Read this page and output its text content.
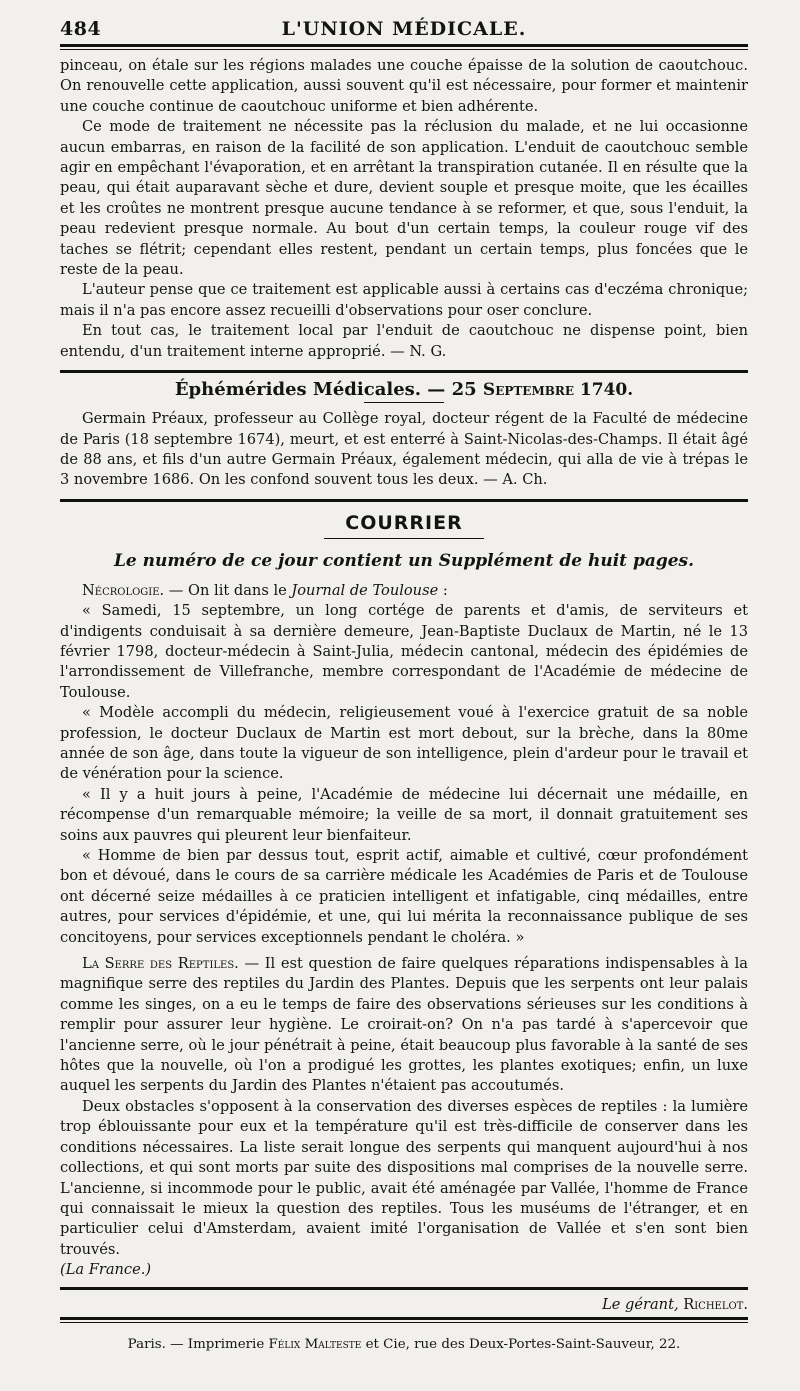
484	L'UNION MÉDICALE.

pinceau, on étale sur les régions malades une couche épaisse de la solution de caoutchouc. On renouvelle cette application, aussi souvent qu'il est nécessaire, pour former et maintenir une couche continue de caoutchouc uniforme et bien adhérente.

Ce mode de traitement ne nécessite pas la réclusion du malade, et ne lui occasionne aucun embarras, en raison de la facilité de son application. L'enduit de caoutchouc semble agir en empêchant l'évaporation, et en arrêtant la transpiration cutanée. Il en résulte que la peau, qui était auparavant sèche et dure, devient souple et presque moite, que les écailles et les croûtes ne montrent presque aucune tendance à se reformer, et que, sous l'enduit, la peau redevient presque normale. Au bout d'un certain temps, la couleur rouge vif des taches se flétrit; cependant elles restent, pendant un certain temps, plus foncées que le reste de la peau.

L'auteur pense que ce traitement est applicable aussi à certains cas d'eczéma chronique; mais il n'a pas encore assez recueilli d'observations pour oser conclure.

En tout cas, le traitement local par l'enduit de caoutchouc ne dispense point, bien entendu, d'un traitement interne approprié. — N. G.

Éphémérides Médicales. — 25 Septembre 1740.

Germain Préaux, professeur au Collège royal, docteur régent de la Faculté de médecine de Paris (18 septembre 1674), meurt, et est enterré à Saint-Nicolas-des-Champs. Il était âgé de 88 ans, et fils d'un autre Germain Préaux, également médecin, qui alla de vie à trépas le 3 novembre 1686. On les confond souvent tous les deux. — A. Ch.

COURRIER
Le numéro de ce jour contient un Supplément de huit pages.

Nécrologie. — On lit dans le Journal de Toulouse :

« Samedi, 15 septembre, un long cortége de parents et d'amis, de serviteurs et d'indigents conduisait à sa dernière demeure, Jean-Baptiste Duclaux de Martin, né le 13 février 1798, docteur-médecin à Saint-Julia, médecin cantonal, médecin des épidémies de l'arrondissement de Villefranche, membre correspondant de l'Académie de médecine de Toulouse.

« Modèle accompli du médecin, religieusement voué à l'exercice gratuit de sa noble profession, le docteur Duclaux de Martin est mort debout, sur la brèche, dans la 80me année de son âge, dans toute la vigueur de son intelligence, plein d'ardeur pour le travail et de vénération pour la science.

« Il y a huit jours à peine, l'Académie de médecine lui décernait une médaille, en récompense d'un remarquable mémoire; la veille de sa mort, il donnait gratuitement ses soins aux pauvres qui pleurent leur bienfaiteur.

« Homme de bien par dessus tout, esprit actif, aimable et cultivé, cœur profondément bon et dévoué, dans le cours de sa carrière médicale les Académies de Paris et de Toulouse ont décerné seize médailles à ce praticien intelligent et infatigable, cinq médailles, entre autres, pour services d'épidémie, et une, qui lui mérita la reconnaissance publique de ses concitoyens, pour services exceptionnels pendant le choléra. »

La Serre des Reptiles. — Il est question de faire quelques réparations indispensables à la magnifique serre des reptiles du Jardin des Plantes. Depuis que les serpents ont leur palais comme les singes, on a eu le temps de faire des observations sérieuses sur les conditions à remplir pour assurer leur hygiène. Le croirait-on? On n'a pas tardé à s'apercevoir que l'ancienne serre, où le jour pénétrait à peine, était beaucoup plus favorable à la santé de ses hôtes que la nouvelle, où l'on a prodigué les grottes, les plantes exotiques; enfin, un luxe auquel les serpents du Jardin des Plantes n'étaient pas accoutumés.

Deux obstacles s'opposent à la conservation des diverses espèces de reptiles : la lumière trop éblouissante pour eux et la température qu'il est très-difficile de conserver dans les conditions nécessaires. La liste serait longue des serpents qui manquent aujourd'hui à nos collections, et qui sont morts par suite des dispositions mal comprises de la nouvelle serre. L'ancienne, si incommode pour le public, avait été aménagée par Vallée, l'homme de France qui connaissait le mieux la question des reptiles. Tous les muséums de l'étranger, et en particulier celui d'Amsterdam, avaient imité l'organisation de Vallée et s'en sont bien trouvés.

(La France.)

Le gérant, Richelot.
Paris. — Imprimerie Félix Malteste et Cie, rue des Deux-Portes-Saint-Sauveur, 22.
